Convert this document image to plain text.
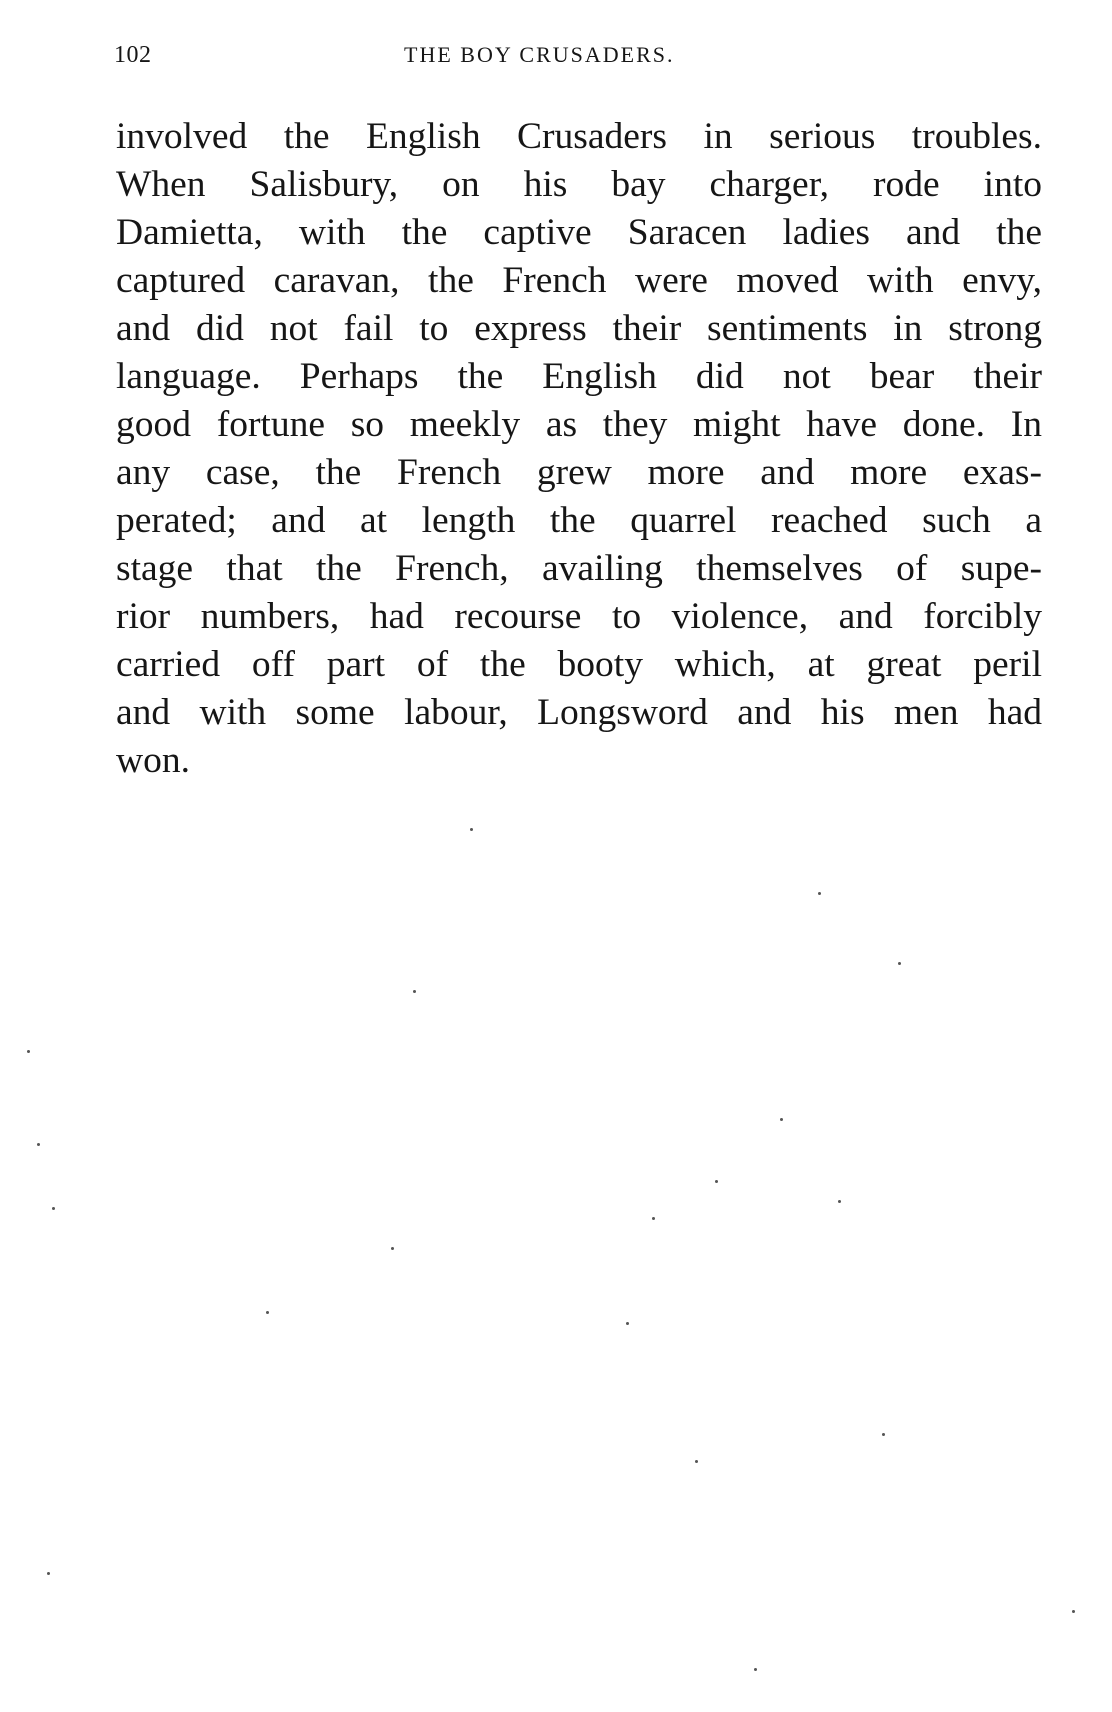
102	THE BOY CRUSADERS.
involved the English Crusaders in serious troubles.
When Salisbury, on his bay charger, rode into
Damietta, with the captive Saracen ladies and the
captured caravan, the French were moved with envy,
and did not fail to express their sentiments in strong
language. Perhaps the English did not bear their
good fortune so meekly as they might have done. In
any case, the French grew more and more exas-
perated; and at length the quarrel reached such a
stage that the French, availing themselves of supe-
rior numbers, had recourse to violence, and forcibly
carried off part of the booty which, at great peril
and with some labour, Longsword and his men had
won.
